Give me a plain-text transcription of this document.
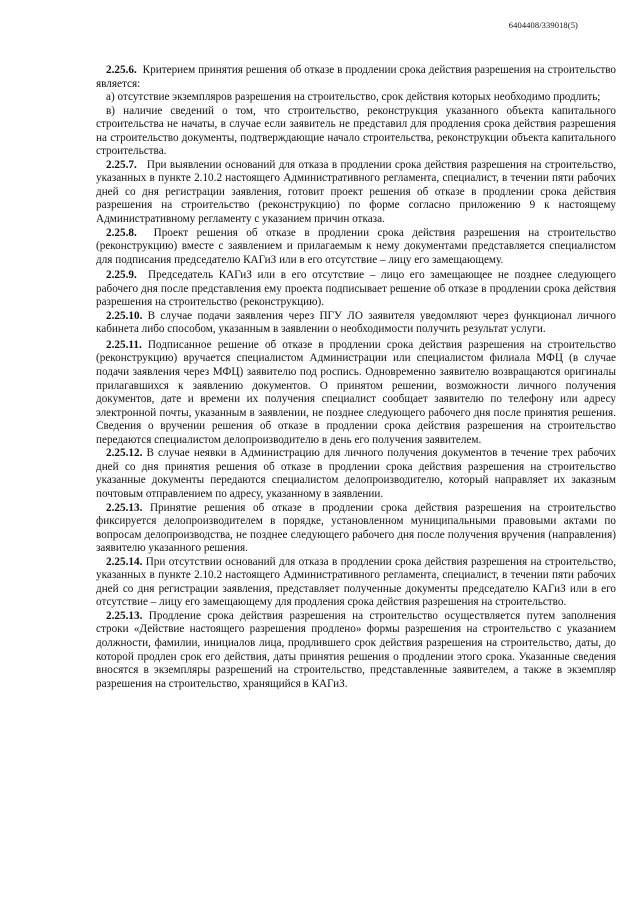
6404408/339018(5)

2.25.6. Критерием принятия решения об отказе в продлении срока действия разрешения на строительство является:

а) отсутствие экземпляров разрешения на строительство, срок действия которых необходимо продлить;

в) наличие сведений о том, что строительство, реконструкция указанного объекта капитального строительства не начаты, в случае если заявитель не представил для продления срока действия разрешения на строительство документы, подтверждающие начало строительства, реконструкции объекта капитального строительства.

2.25.7. При выявлении оснований для отказа в продлении срока действия разрешения на строительство, указанных в пункте 2.10.2 настоящего Административного регламента, специалист, в течении пяти рабочих дней со дня регистрации заявления, готовит проект решения об отказе в продлении срока действия разрешения на строительство (реконструкцию) по форме согласно приложению 9 к настоящему Административному регламенту с указанием причин отказа.

2.25.8. Проект решения об отказе в продлении срока действия разрешения на строительство (реконструкцию) вместе с заявлением и прилагаемым к нему документами представляется специалистом для подписания председателю КАГиЗ или в его отсутствие – лицу его замещающему.

2.25.9. Председатель КАГиЗ или в его отсутствие – лицо его замещающее не позднее следующего рабочего дня после представления ему проекта подписывает решение об отказе в продлении срока действия разрешения на строительство (реконструкцию).

2.25.10. В случае подачи заявления через ПГУ ЛО заявителя уведомляют через функционал личного кабинета либо способом, указанным в заявлении о необходимости получить результат услуги.

2.25.11. Подписанное решение об отказе в продлении срока действия разрешения на строительство (реконструкцию) вручается специалистом Администрации или специалистом филиала МФЦ (в случае подачи заявления через МФЦ) заявителю под роспись. Одновременно заявителю возвращаются оригиналы прилагавшихся к заявлению документов. О принятом решении, возможности личного получения документов, дате и времени их получения специалист сообщает заявителю по телефону или адресу электронной почты, указанным в заявлении, не позднее следующего рабочего дня после принятия решения. Сведения о вручении решения об отказе в продлении срока действия разрешения на строительство передаются специалистом делопроизводителю в день его получения заявителем.

2.25.12. В случае неявки в Администрацию для личного получения документов в течение трех рабочих дней со дня принятия решения об отказе в продлении срока действия разрешения на строительство указанные документы передаются специалистом делопроизводителю, который направляет их заказным почтовым отправлением по адресу, указанному в заявлении.

2.25.13. Принятие решения об отказе в продлении срока действия разрешения на строительство фиксируется делопроизводителем в порядке, установленном муниципальными правовыми актами по вопросам делопроизводства, не позднее следующего рабочего дня после получения вручения (направления) заявителю указанного решения.

2.25.14. При отсутствии оснований для отказа в продлении срока действия разрешения на строительство, указанных в пункте 2.10.2 настоящего Административного регламента, специалист, в течении пяти рабочих дней со дня регистрации заявления, представляет полученные документы председателю КАГиЗ или в его отсутствие – лицу его замещающему для продления срока действия разрешения на строительство.

2.25.13. Продление срока действия разрешения на строительство осуществляется путем заполнения строки «Действие настоящего разрешения продлено» формы разрешения на строительство с указанием должности, фамилии, инициалов лица, продлившего срок действия разрешения на строительство, даты, до которой продлен срок его действия, даты принятия решения о продлении этого срока. Указанные сведения вносятся в экземпляры разрешений на строительство, представленные заявителем, а также в экземпляр разрешения на строительство, хранящийся в КАГиЗ.
